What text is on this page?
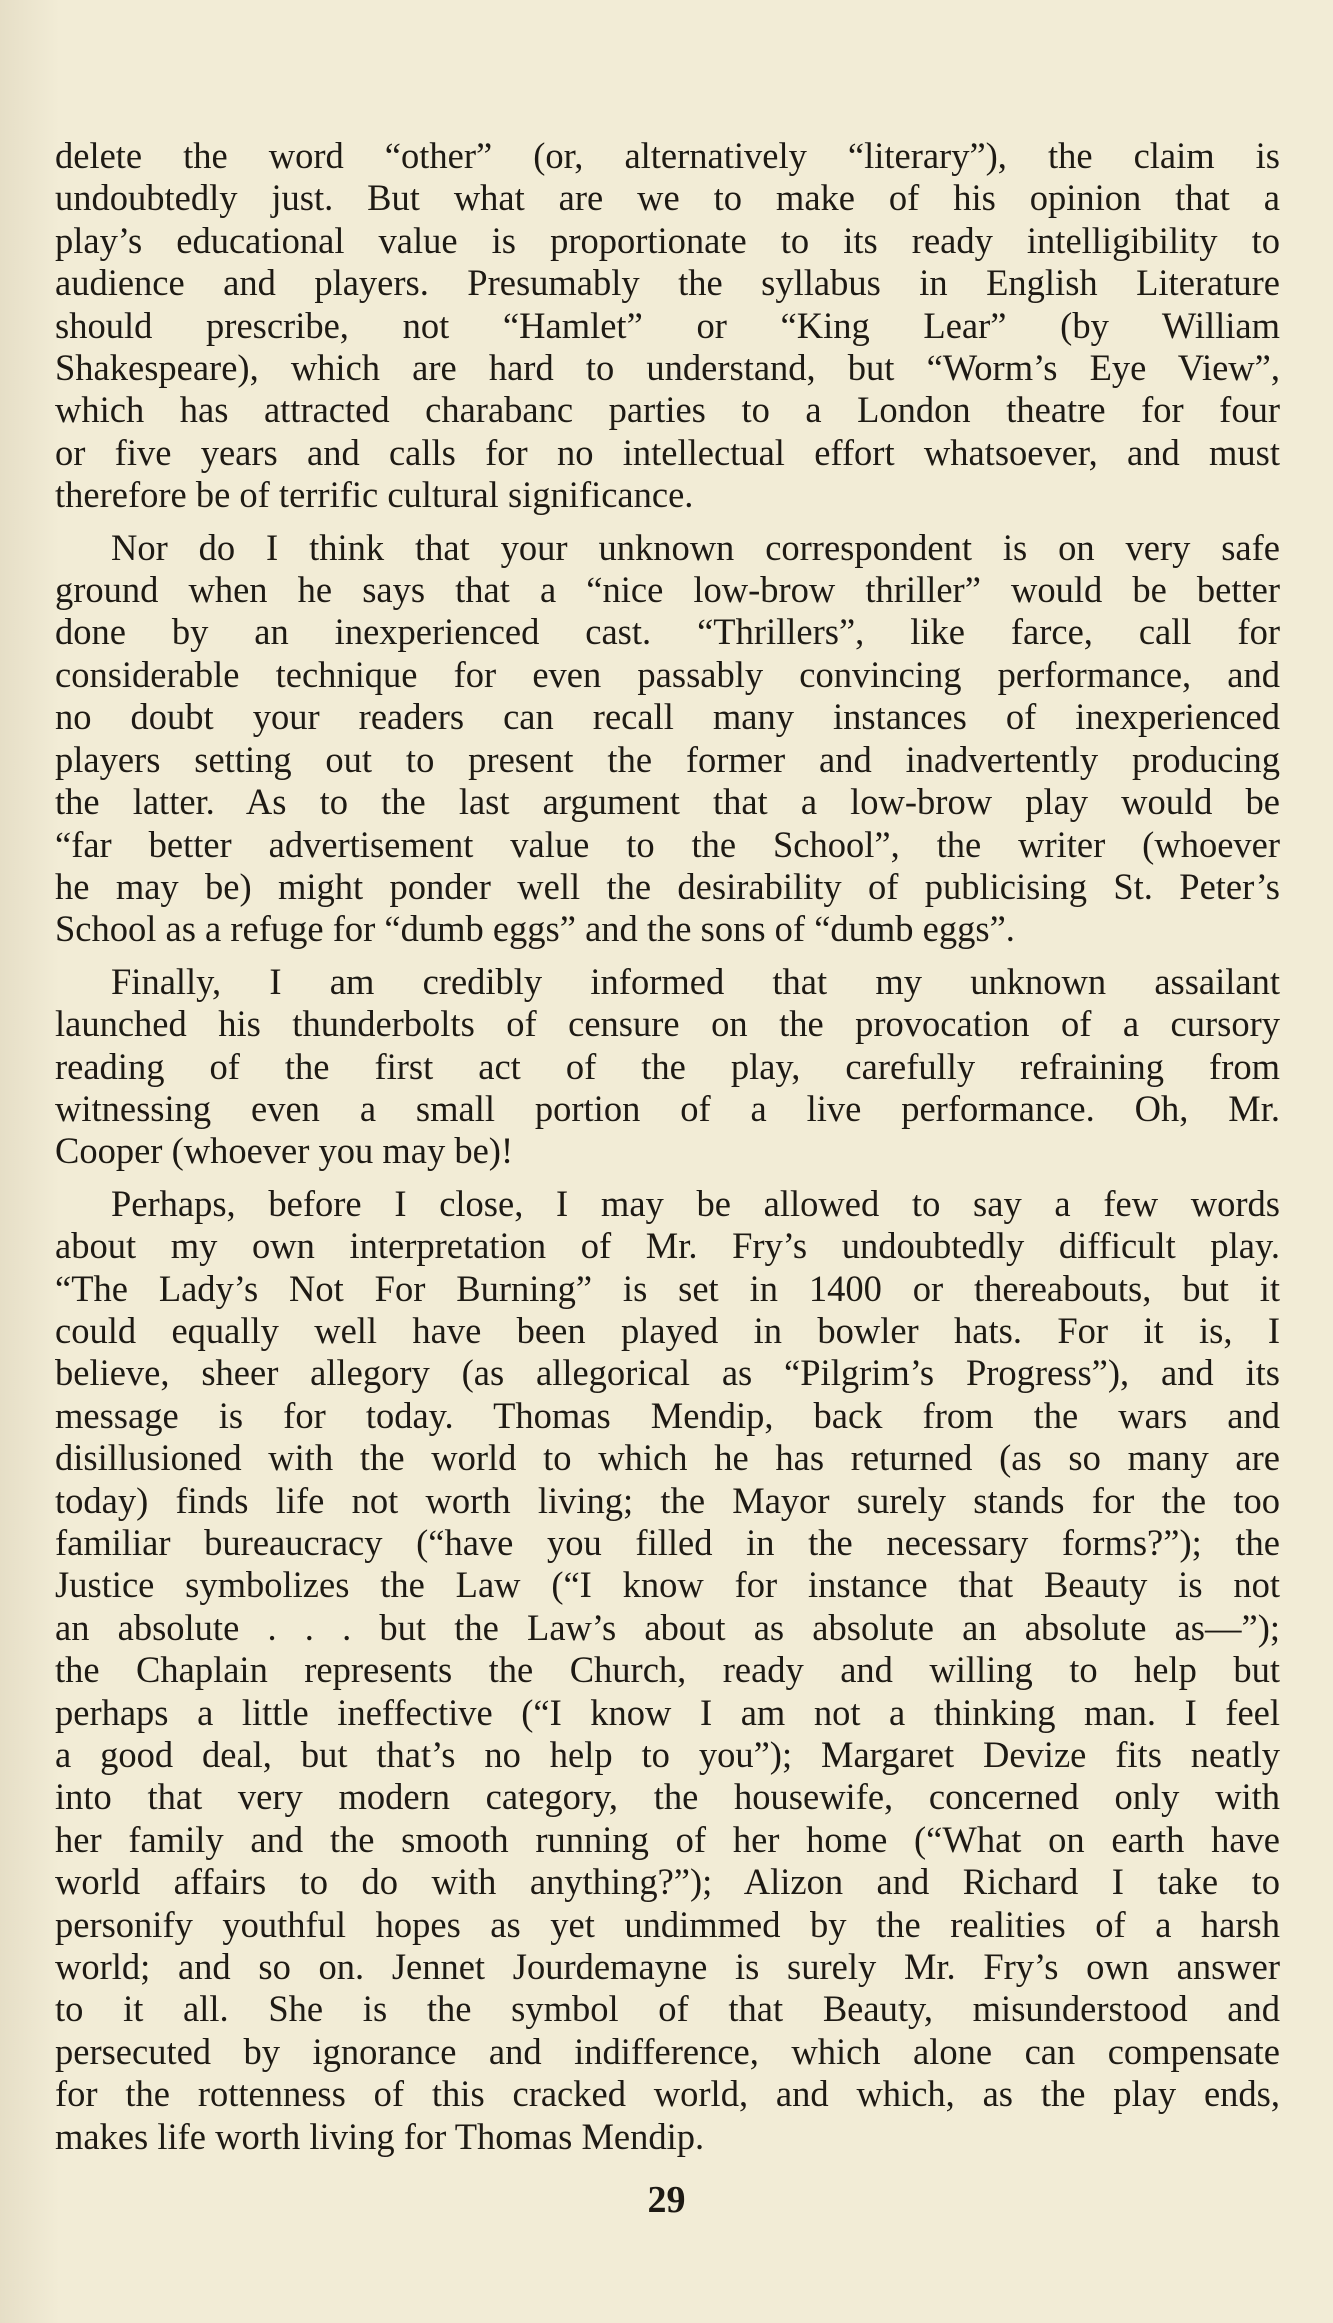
delete the word “other” (or, alternatively “literary”), the claim is
undoubtedly just. But what are we to make of his opinion that a
play’s educational value is proportionate to its ready intelligibility to
audience and players. Presumably the syllabus in English Literature
should prescribe, not “Hamlet” or “King Lear” (by William
Shakespeare), which are hard to understand, but “Worm’s Eye View”,
which has attracted charabanc parties to a London theatre for four
or five years and calls for no intellectual effort whatsoever, and must
therefore be of terrific cultural significance.
Nor do I think that your unknown correspondent is on very safe
ground when he says that a “nice low-brow thriller” would be better
done by an inexperienced cast. “Thrillers”, like farce, call for
considerable technique for even passably convincing performance, and
no doubt your readers can recall many instances of inexperienced
players setting out to present the former and inadvertently producing
the latter. As to the last argument that a low-brow play would be
“far better advertisement value to the School”, the writer (whoever
he may be) might ponder well the desirability of publicising St. Peter’s
School as a refuge for “dumb eggs” and the sons of “dumb eggs”.
Finally, I am credibly informed that my unknown assailant
launched his thunderbolts of censure on the provocation of a cursory
reading of the first act of the play, carefully refraining from
witnessing even a small portion of a live performance. Oh, Mr.
Cooper (whoever you may be)!
Perhaps, before I close, I may be allowed to say a few words
about my own interpretation of Mr. Fry’s undoubtedly difficult play.
“The Lady’s Not For Burning” is set in 1400 or thereabouts, but it
could equally well have been played in bowler hats. For it is, I
believe, sheer allegory (as allegorical as “Pilgrim’s Progress”), and its
message is for today. Thomas Mendip, back from the wars and
disillusioned with the world to which he has returned (as so many are
today) finds life not worth living; the Mayor surely stands for the too
familiar bureaucracy (“have you filled in the necessary forms?”); the
Justice symbolizes the Law (“I know for instance that Beauty is not
an absolute . . . but the Law’s about as absolute an absolute as—”);
the Chaplain represents the Church, ready and willing to help but
perhaps a little ineffective (“I know I am not a thinking man. I feel
a good deal, but that’s no help to you”); Margaret Devize fits neatly
into that very modern category, the housewife, concerned only with
her family and the smooth running of her home (“What on earth have
world affairs to do with anything?”); Alizon and Richard I take to
personify youthful hopes as yet undimmed by the realities of a harsh
world; and so on. Jennet Jourdemayne is surely Mr. Fry’s own answer
to it all. She is the symbol of that Beauty, misunderstood and
persecuted by ignorance and indifference, which alone can compensate
for the rottenness of this cracked world, and which, as the play ends,
makes life worth living for Thomas Mendip.
29
